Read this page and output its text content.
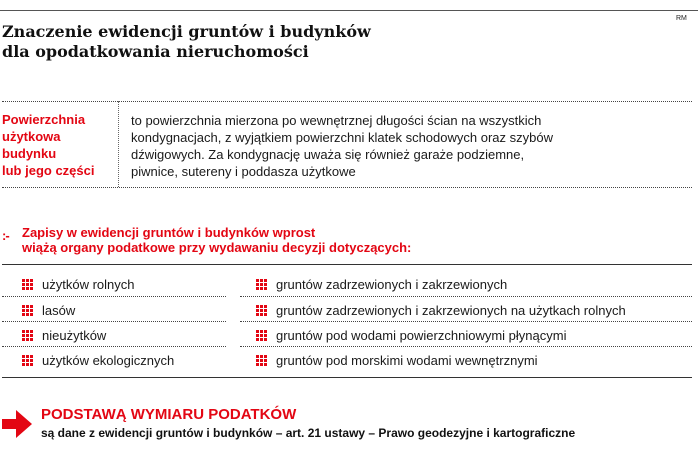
RM
Znaczenie ewidencji gruntów i budynków
dla opodatkowania nieruchomości
Powierzchnia
użytkowa
budynku
lub jego części
to powierzchnia mierzona po wewnętrznej długości ścian na wszystkich
kondygnacjach, z wyjątkiem powierzchni klatek schodowych oraz szybów
dźwigowych. Za kondygnację uważa się również garaże podziemne,
piwnice, sutereny i poddasza użytkowe
:- Zapisy w ewidencji gruntów i budynków wprost
wiążą organy podatkowe przy wydawaniu decyzji dotyczących:
użytków rolnych
lasów
nieużytków
użytków ekologicznych
gruntów zadrzewionych i zakrzewionych
gruntów zadrzewionych i zakrzewionych na użytkach rolnych
gruntów pod wodami powierzchniowymi płynącymi
gruntów pod morskimi wodami wewnętrznymi
PODSTAWĄ WYMIARU PODATKÓW
są dane z ewidencji gruntów i budynków – art. 21 ustawy – Prawo geodezyjne i kartograficzne
